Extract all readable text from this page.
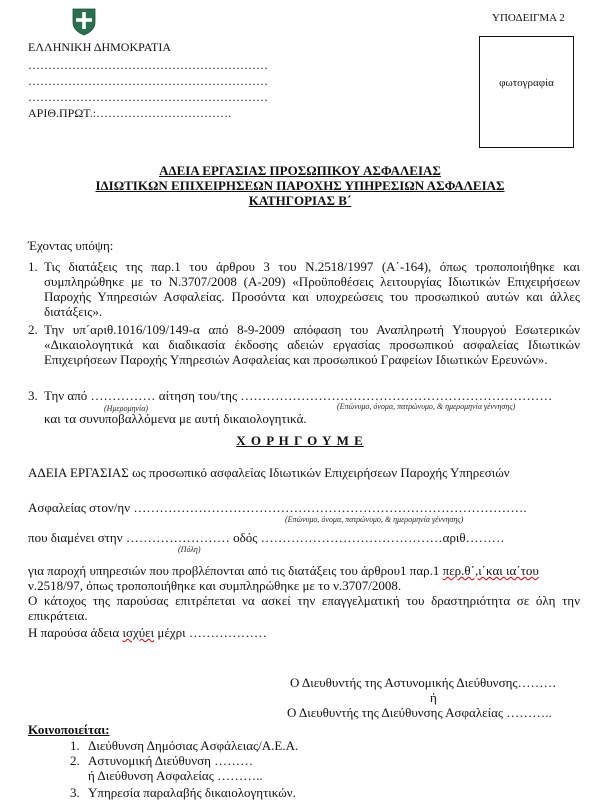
ΥΠΟΔΕΙΓΜΑ 2
ΕΛΛΗΝΙΚΗ ΔΗΜΟΚΡΑΤΙΑ
……………………………………………………
……………………………………………………
……………………………………………………
ΑΡΙΘ.ΠΡΩΤ.:…………………………….
φωτογραφία
ΑΔΕΙΑ ΕΡΓΑΣΙΑΣ ΠΡΟΣΩΠΙΚΟΥ ΑΣΦΑΛΕΙΑΣ
ΙΔΙΩΤΙΚΩΝ ΕΠΙΧΕΙΡΗΣΕΩΝ ΠΑΡΟΧΗΣ ΥΠΗΡΕΣΙΩΝ ΑΣΦΑΛΕΙΑΣ
ΚΑΤΗΓΟΡΙΑΣ Β΄
Έχοντας υπόψη:
1. Τις διατάξεις της παρ.1 του άρθρου 3 του Ν.2518/1997 (Α΄-164), όπως τροποποιήθηκε και συμπληρώθηκε με το Ν.3707/2008 (Α-209) «Προϋποθέσεις λειτουργίας Ιδιωτικών Επιχειρήσεων Παροχής Υπηρεσιών Ασφαλείας. Προσόντα και υποχρεώσεις του προσωπικού αυτών και άλλες διατάξεις».
2. Την υπ΄αριθ.1016/109/149-α από 8-9-2009 απόφαση του Αναπληρωτή Υπουργού Εσωτερικών «Δικαιολογητικά και διαδικασία έκδοσης αδειών εργασίας προσωπικού ασφαλείας Ιδιωτικών Επιχειρήσεων Παροχής Υπηρεσιών Ασφαλείας και προσωπικού Γραφείων Ιδιωτικών Ερευνών».
3. Την από …………… αίτηση του/της ………………………………………………………………
(Ημερομηνία)	(Επώνυμο, όνομα, πατρώνυμο, & ημερομηνία γέννησης)
και τα συνυποβαλλόμενα με αυτή δικαιολογητικά.
Χ Ο Ρ Η Γ Ο Υ Μ Ε
ΑΔΕΙΑ ΕΡΓΑΣΙΑΣ ως προσωπικό ασφαλείας Ιδιωτικών Επιχειρήσεων Παροχής Υπηρεσιών
Ασφαλείας στον/ην ……………………………………………………………………………….
(Επώνυμο, όνομα, πατρώνυμο, & ημερομηνία γέννησης)
που διαμένει στην …………………… οδός ……………………………………αριθ………
(Πόλη)
για παροχή υπηρεσιών που προβλέπονται από τις διατάξεις του άρθρου1 παρ.1 περ.θ΄,ι΄και ια΄του
ν.2518/97, όπως τροποποιήθηκε και συμπληρώθηκε με το ν.3707/2008.
Ο κάτοχος της παρούσας επιτρέπεται να ασκεί την επαγγελματική του δραστηριότητα σε όλη την επικράτεια.
Η παρούσα άδεια ισχύει μέχρι ………………
Ο Διευθυντής της Αστυνομικής Διεύθυνσης………
ή
Ο Διευθυντής της Διεύθυνσης Ασφαλείας ………..
Κοινοποιείται:
1. Διεύθυνση Δημόσιας Ασφάλειας/Α.Ε.Α.
2. Αστυνομική Διεύθυνση ………
ή Διεύθυνση Ασφαλείας ………..
3. Υπηρεσία παραλαβής δικαιολογητικών.
